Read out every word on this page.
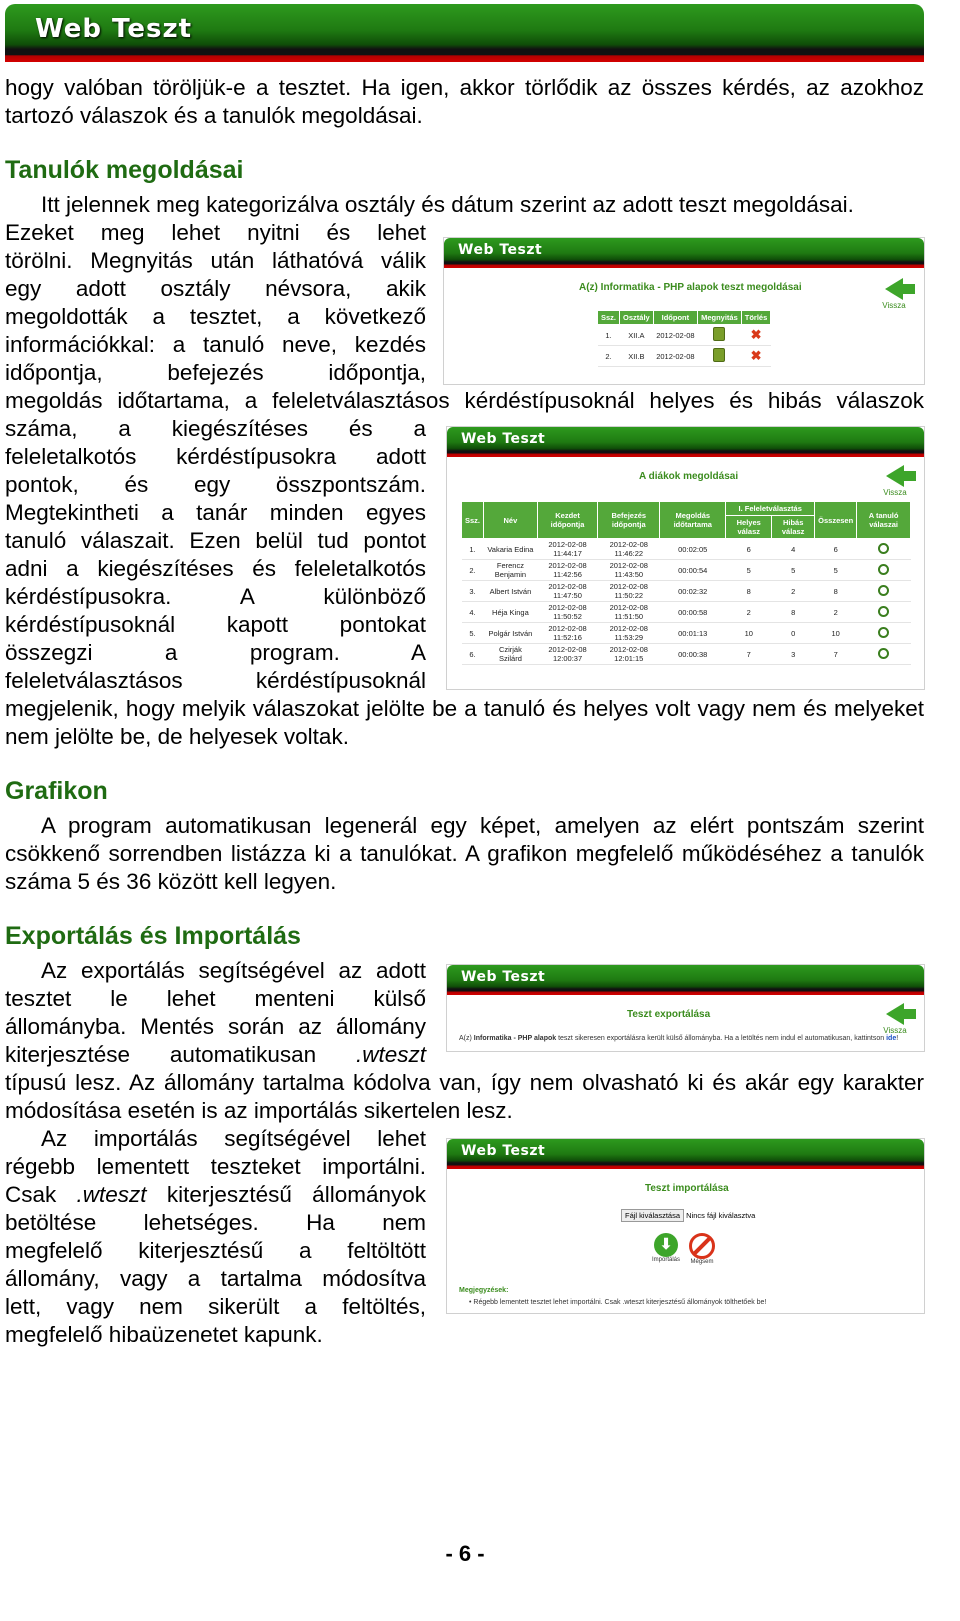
Web Teszt
hogy valóban töröljük-e a tesztet. Ha igen, akkor törlődik az összes kérdés, az azokhoz tartozó válaszok és a tanulók megoldásai.
Tanulók megoldásai
Itt jelennek meg kategorizálva osztály és dátum szerint az adott teszt megoldásai.
Ezeket meg lehet nyitni és lehet
törölni. Megnyitás után láthatóvá válik
egy adott osztály névsora, akik
megoldották a tesztet, a következő
információkkal: a tanuló neve, kezdés
időpontja, befejezés időpontja,
megoldás időtartama, a feleletválasztásos kérdéstípusoknál helyes és hibás válaszok
száma, a kiegészítéses és a
feleletalkotós kérdéstípusokra adott
pontok, és egy összpontszám.
Megtekintheti a tanár minden egyes
tanuló válaszait. Ezen belül tud pontot
adni a kiegészítéses és feleletalkotós
kérdéstípusokra. A különböző
kérdéstípusoknál kapott pontokat
összegzi a program. A
feleletválasztásos kérdéstípusoknál
megjelenik, hogy melyik válaszokat jelölte be a tanuló és helyes volt vagy nem és melyeket nem jelölte be, de helyesek voltak.
Web Teszt
A(z) Informatika - PHP alapok teszt megoldásai
Vissza
Ssz.	Osztály	Időpont	Megnyitás	Törlés
1.	XII.A	2012-02-08		✖
2.	XII.B	2012-02-08		✖
Web Teszt
A diákok megoldásai
Vissza
Ssz.	Név	Kezdet időpontja	Befejezés időpontja	Megoldás időtartama	I. Feleletválasztás		Összesen	A tanuló válaszai
					Helyes válasz	Hibás válasz		
1.	Vakaria Edina	2012-02-08 11:44:17	2012-02-08 11:46:22	00:02:05	6	4	6	
2.	Ferencz Benjamin	2012-02-08 11:42:56	2012-02-08 11:43:50	00:00:54	5	5	5	
3.	Albert István	2012-02-08 11:47:50	2012-02-08 11:50:22	00:02:32	8	2	8	
4.	Héja Kinga	2012-02-08 11:50:52	2012-02-08 11:51:50	00:00:58	2	8	2	
5.	Polgár István	2012-02-08 11:52:16	2012-02-08 11:53:29	00:01:13	10	0	10	
6.	Czirják Szilárd	2012-02-08 12:00:37	2012-02-08 12:01:15	00:00:38	7	3	7	
Grafikon
A program automatikusan legenerál egy képet, amelyen az elért pontszám szerint csökkenő sorrendben listázza ki a tanulókat. A grafikon megfelelő működéséhez a tanulók száma 5 és 36 között kell legyen.
Exportálás és Importálás
Az exportálás segítségével az adott
tesztet le lehet menteni külső
állományba. Mentés során az állomány
kiterjesztése automatikusan .wteszt
típusú lesz. Az állomány tartalma kódolva van, így nem olvasható ki és akár egy karakter módosítása esetén is az importálás sikertelen lesz.
Az importálás segítségével lehet
régebb lementett teszteket importálni.
Csak .wteszt kiterjesztésű állományok
betöltése lehetséges. Ha nem
megfelelő kiterjesztésű a feltöltött
állomány, vagy a tartalma módosítva
lett, vagy nem sikerült a feltöltés,
megfelelő hibaüzenetet kapunk.
Web Teszt
Teszt exportálása
Vissza
A(z) Informatika - PHP alapok teszt sikeresen exportálásra került külső állományba. Ha a letöltés nem indul el automatikusan, kattintson ide!
Web Teszt
Teszt importálása
Fájl kiválasztása Nincs fájl kiválasztva
⬇
Importálás	Mégsem
Megjegyzések:
• Régebb lementett tesztet lehet importálni. Csak .wteszt kiterjesztésű állományok tölthetőek be!
- 6 -
